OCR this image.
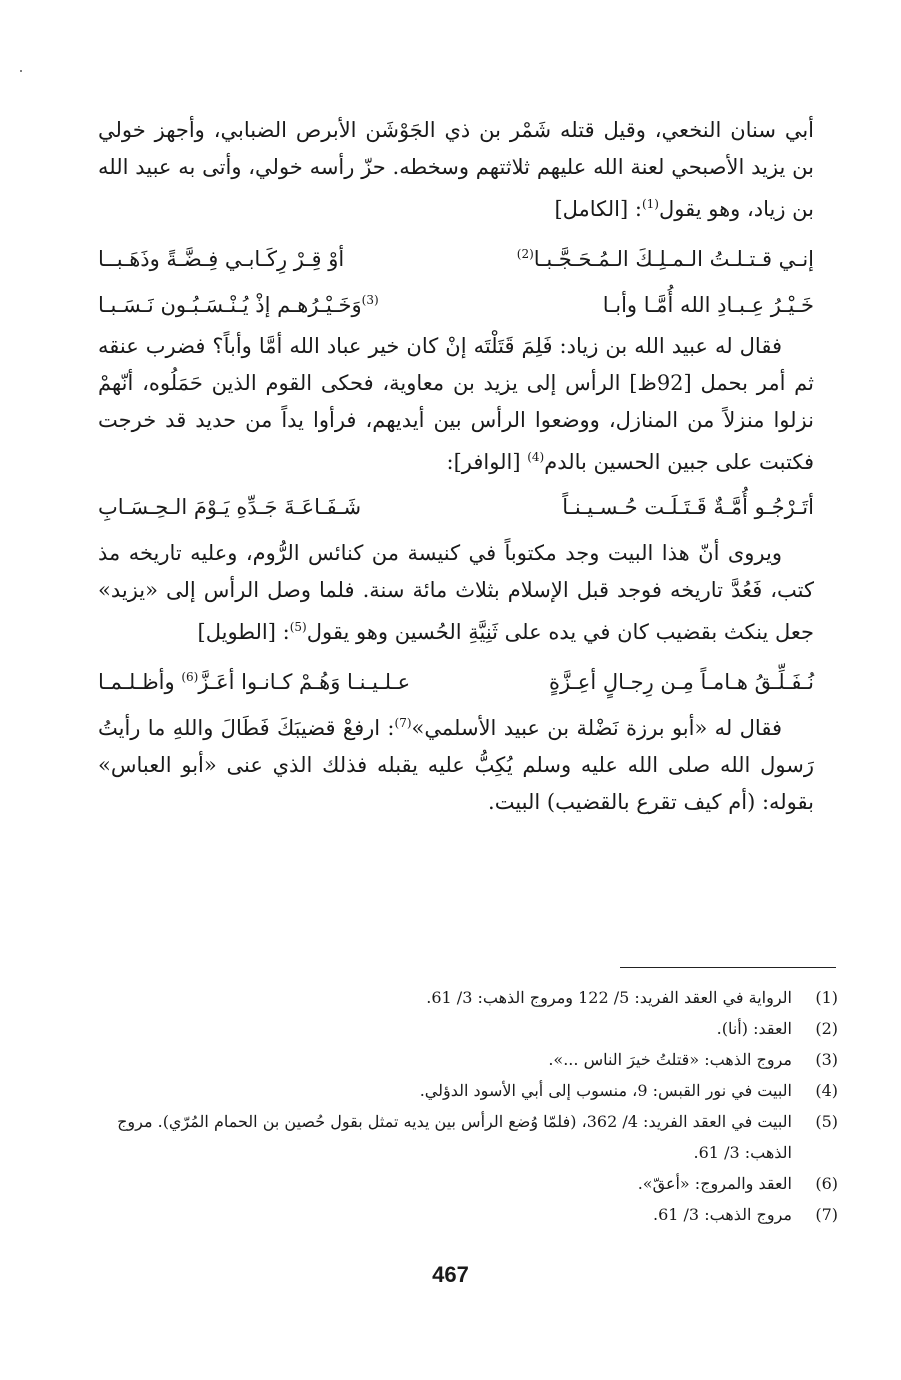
أبي سنان النخعي، وقيل قتله شَمْر بن ذي الجَوْشَن الأبرص الضبابي، وأجهز خولي بن يزيد الأصبحي لعنة الله عليهم ثلاثتهم وسخطه. حزّ رأسه خولي، وأتى به عبيد الله بن زياد، وهو يقول$^{(1)}$: [الكامل]

إنـي قـتـلـتُ الـمـلِـكَ الـمُـحَـجَّـبـا$^{(2)}$
أوْ قِـرْ رِكَـابـي فِـضَّـةً وذَهَـبــا
خَـيْـرُ عِـبـادِ الله أُمَّـا وأبـا
$^{(3)}$وَخَـيْـرُهـم إذْ يُـنْـسَـبُـون نَـسَـبـا

فقال له عبيد الله بن زياد: فَلِمَ قَتَلْتَه إنْ كان خير عباد الله أمَّا وأباً؟ فضرب عنقه ثم أمر بحمل [92ظ] الرأس إلى يزيد بن معاوية، فحكى القوم الذين حَمَلُوه، أنّهمْ نزلوا منزلاً من المنازل، ووضعوا الرأس بين أيديهم، فرأوا يداً من حديد قد خرجت فكتبت على جبين الحسين بالدم$^{(4)}$ [الوافر]:

أتَـرْجُـو أُمَّـةٌ قَـتَـلَـت حُـسـيـنـاً
شَـفَـاعَـةَ جَـدِّهِ يَـوْمَ الـحِـسَـابِ

ويروى أنّ هذا البيت وجد مكتوباً في كنيسة من كنائس الرُّوم، وعليه تاريخه مذ كتب، فَعُدَّ تاريخه فوجد قبل الإسلام بثلاث مائة سنة. فلما وصل الرأس إلى «يزيد» جعل ينكث بقضيب كان في يده على ثَنِيَّةِ الحُسين وهو يقول$^{(5)}$: [الطويل]

نُـفَـلِّـقُ هـامـاً مِـن رِجـالٍ أعِـزَّةٍ
عـلـيـنـا وَهُـمْ كـانـوا أعَـزَّ$^{(6)}$ وأظـلـمـا

فقال له «أبو برزة نَضْلة بن عبيد الأسلمي»$^{(7)}$: ارفعْ قضيبَكَ فَطَالَ واللهِ ما رأيتُ رَسول الله صلى الله عليه وسلم يُكِبُّ عليه يقبله فذلك الذي عنى «أبو العباس» بقوله: (أم كيف تقرع بالقضيب) البيت.

(1)
الرواية في العقد الفريد: 5/ 122 ومروج الذهب: 3/ 61.
(2)
العقد: (أنا).
(3)
مروج الذهب: «قتلتُ خيرَ الناس ...».
(4)
البيت في نور القبس: 9، منسوب إلى أبي الأسود الدؤلي.
(5)
البيت في العقد الفريد: 4/ 362، (فلمّا وُضع الرأس بين يديه تمثل بقول حُصين بن الحمام المُرّي). مروج الذهب: 3/ 61.
(6)
العقد والمروج: «أعقّ».
(7)
مروج الذهب: 3/ 61.
467
